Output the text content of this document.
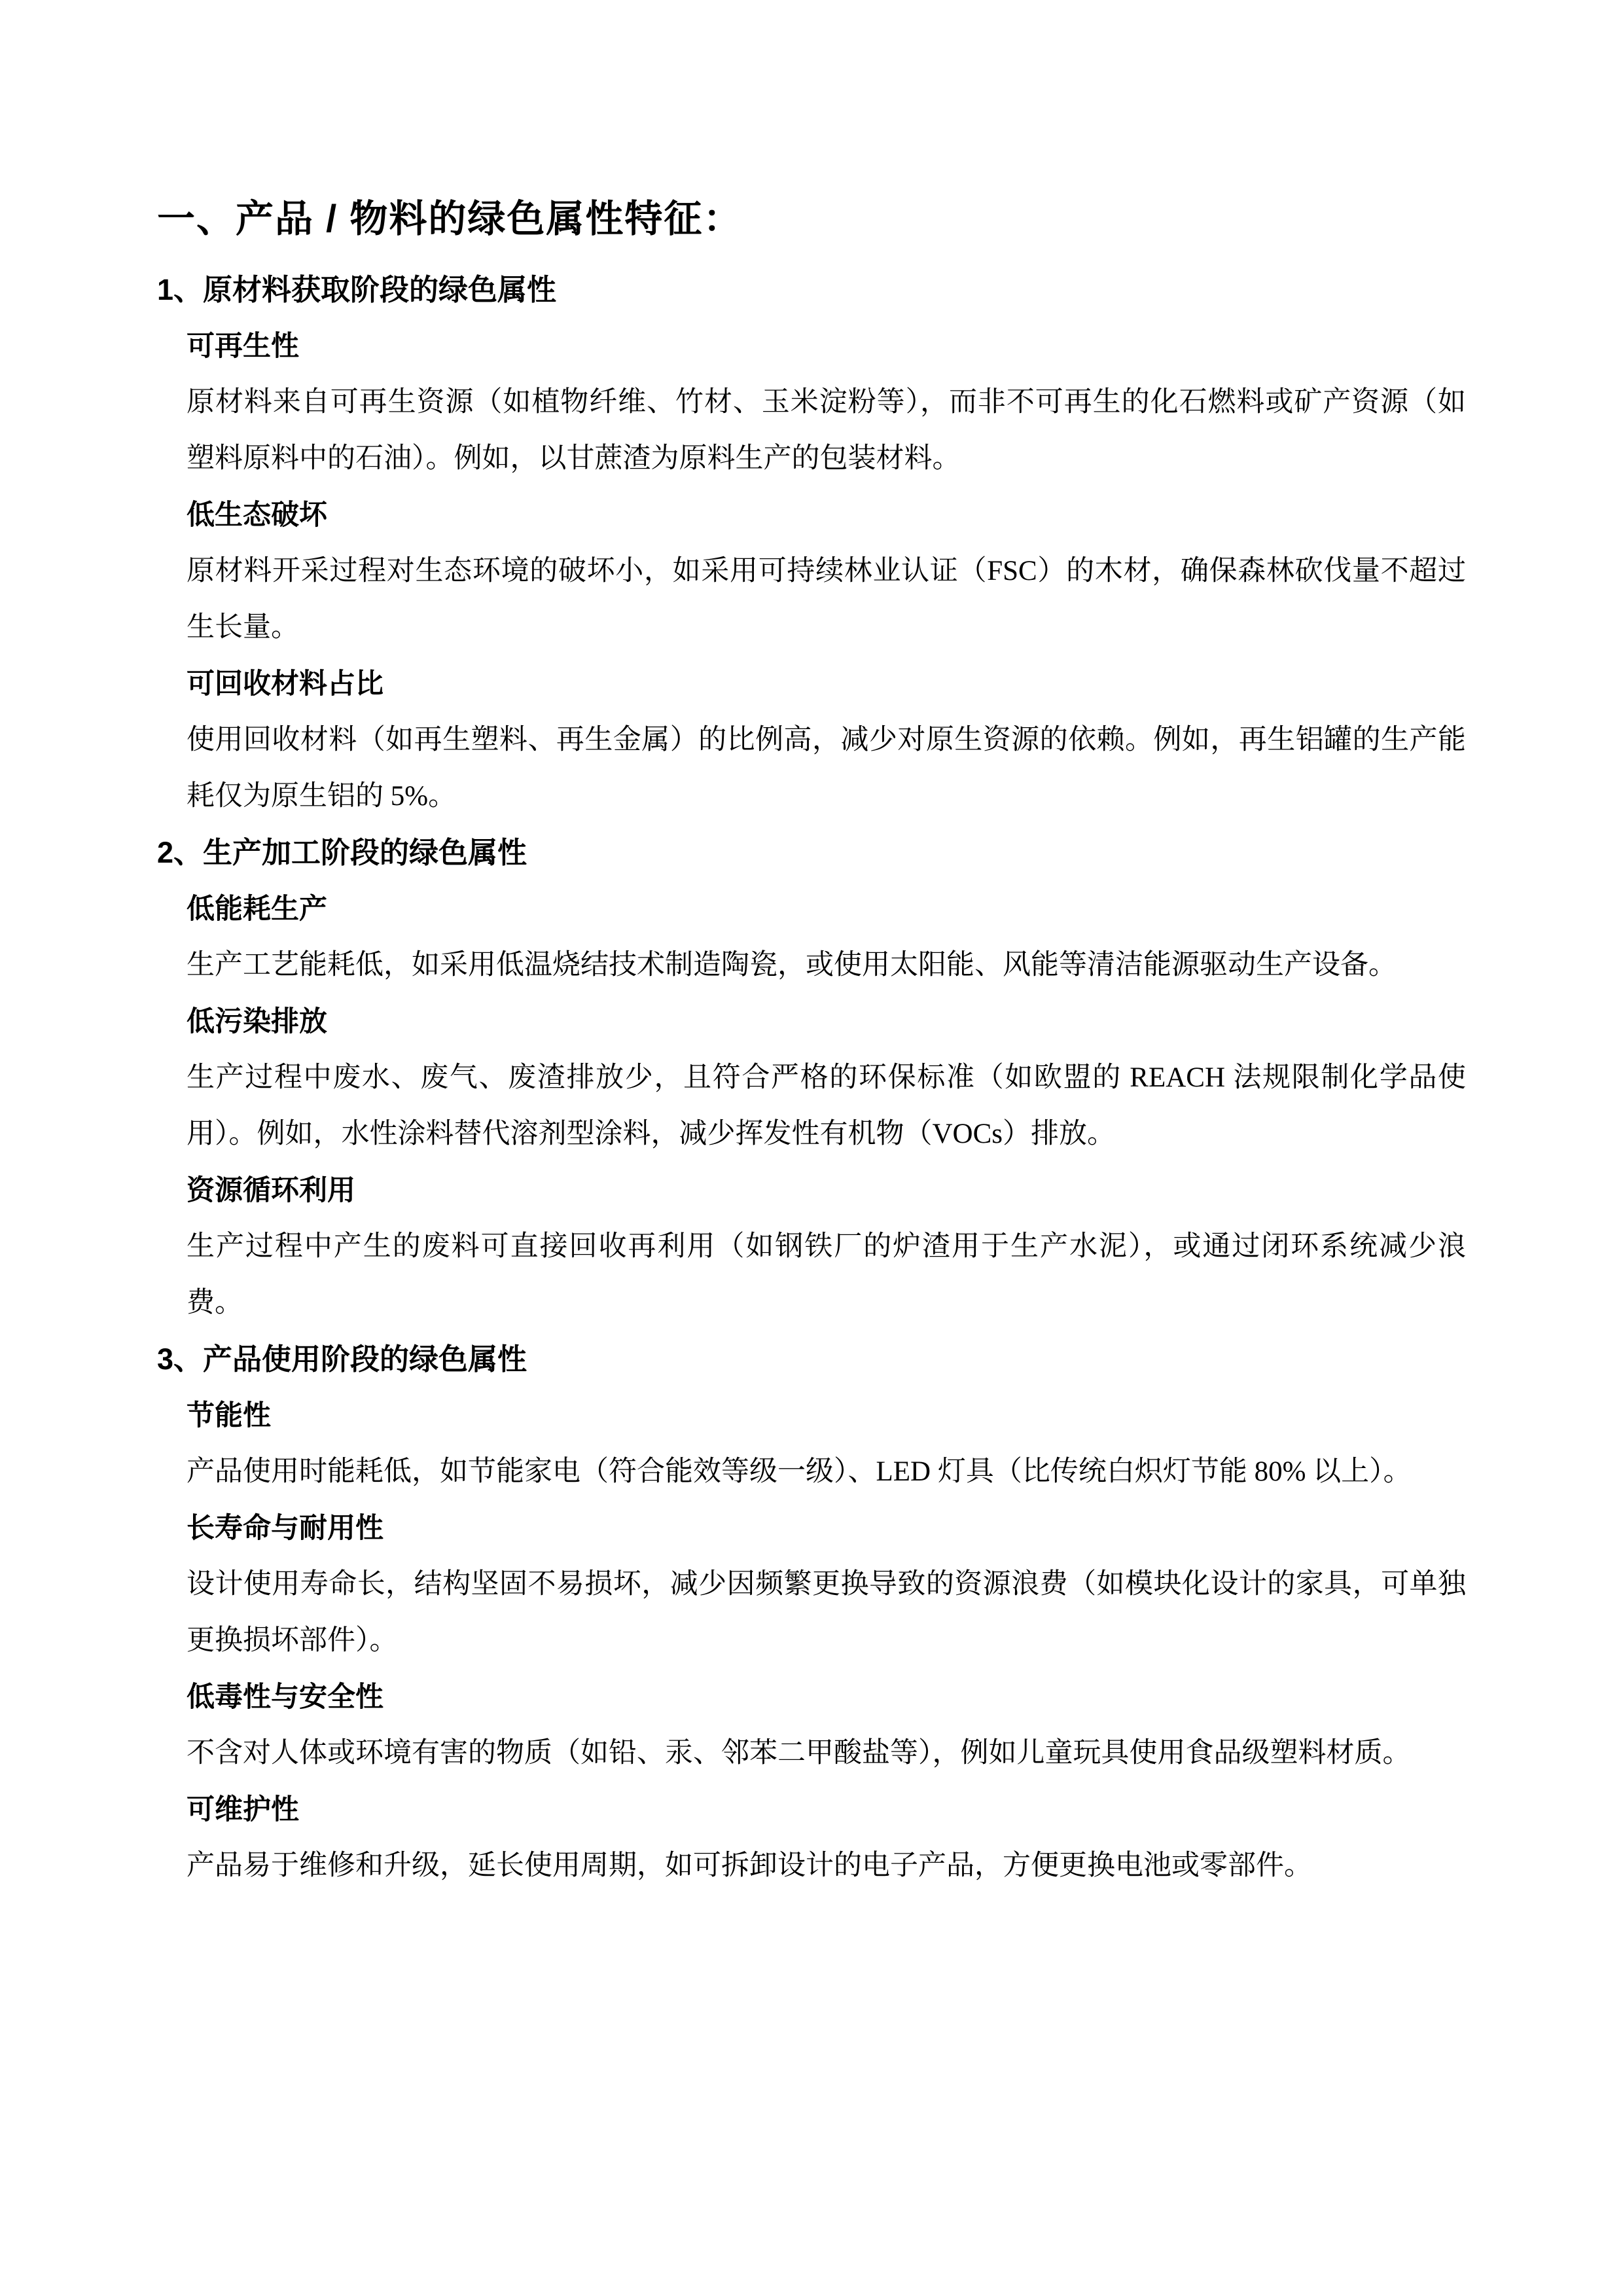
一、产品 / 物料的绿色属性特征：
1、原材料获取阶段的绿色属性
可再生性

原材料来自可再生资源（如植物纤维、竹材、玉米淀粉等），而非不可再生的化石燃料或矿产资源（如塑料原料中的石油）。例如，以甘蔗渣为原料生产的包装材料。

低生态破坏

原材料开采过程对生态环境的破坏小，如采用可持续林业认证（FSC）的木材，确保森林砍伐量不超过生长量。

可回收材料占比

使用回收材料（如再生塑料、再生金属）的比例高，减少对原生资源的依赖。例如，再生铝罐的生产能耗仅为原生铝的 5%。

2、生产加工阶段的绿色属性
低能耗生产

生产工艺能耗低，如采用低温烧结技术制造陶瓷，或使用太阳能、风能等清洁能源驱动生产设备。

低污染排放

生产过程中废水、废气、废渣排放少，且符合严格的环保标准（如欧盟的 REACH 法规限制化学品使用）。例如，水性涂料替代溶剂型涂料，减少挥发性有机物（VOCs）排放。

资源循环利用

生产过程中产生的废料可直接回收再利用（如钢铁厂的炉渣用于生产水泥），或通过闭环系统减少浪费。

3、产品使用阶段的绿色属性
节能性

产品使用时能耗低，如节能家电（符合能效等级一级）、LED 灯具（比传统白炽灯节能 80% 以上）。

长寿命与耐用性

设计使用寿命长，结构坚固不易损坏，减少因频繁更换导致的资源浪费（如模块化设计的家具，可单独更换损坏部件）。

低毒性与安全性

不含对人体或环境有害的物质（如铅、汞、邻苯二甲酸盐等），例如儿童玩具使用食品级塑料材质。

可维护性

产品易于维修和升级，延长使用周期，如可拆卸设计的电子产品，方便更换电池或零部件。
